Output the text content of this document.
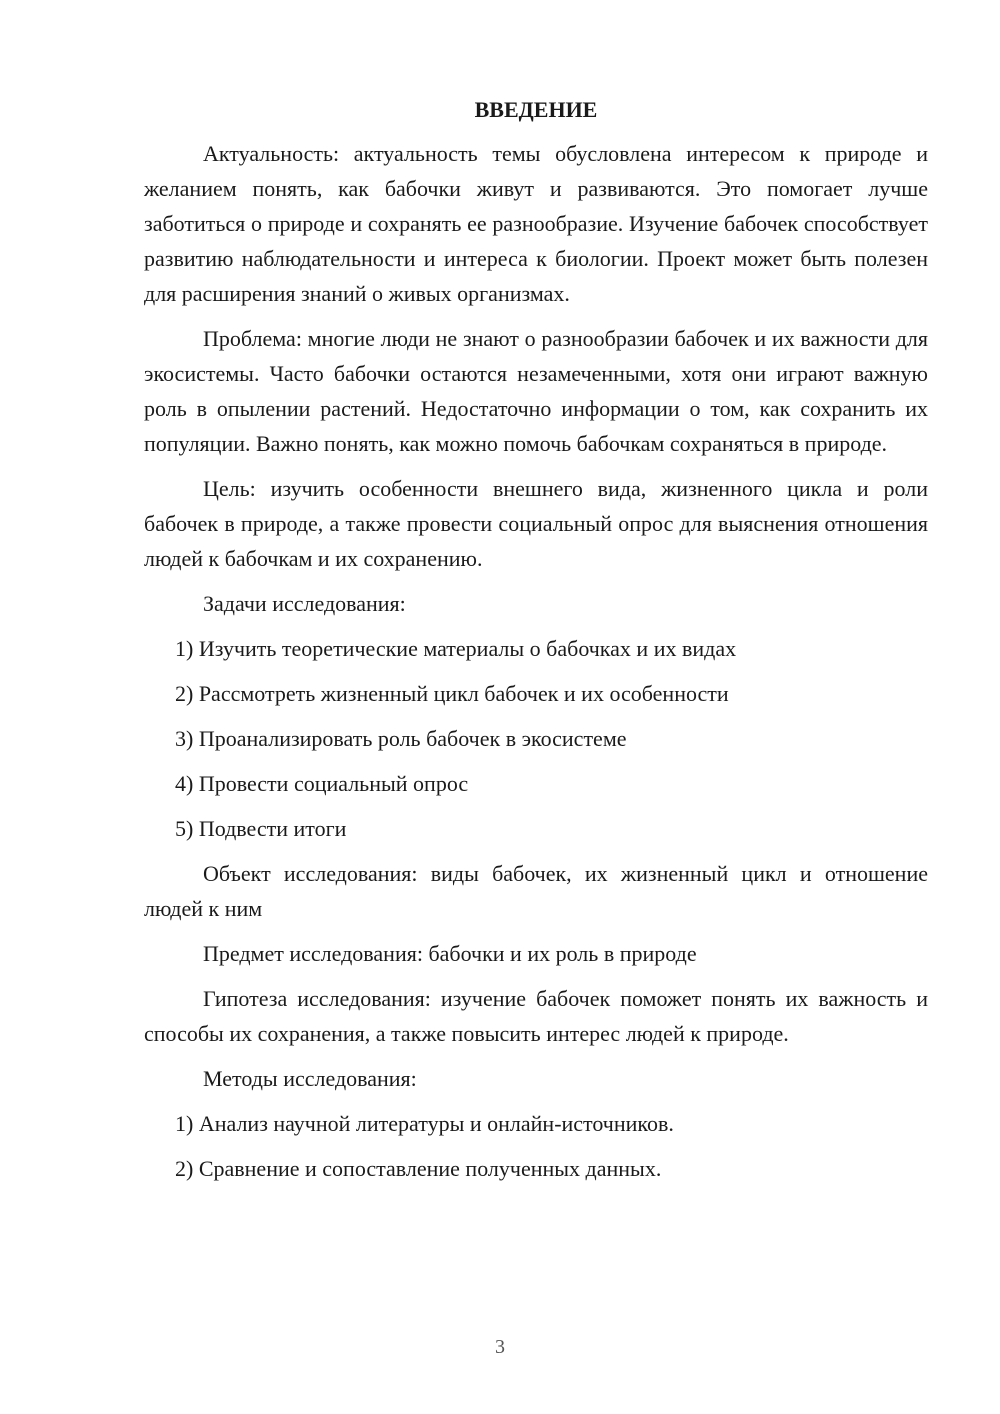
ВВЕДЕНИЕ

Актуальность: актуальность темы обусловлена интересом к природе и желанием понять, как бабочки живут и развиваются. Это помогает лучше заботиться о природе и сохранять ее разнообразие. Изучение бабочек способствует развитию наблюдательности и интереса к биологии. Проект может быть полезен для расширения знаний о живых организмах.

Проблема: многие люди не знают о разнообразии бабочек и их важности для экосистемы. Часто бабочки остаются незамеченными, хотя они играют важную роль в опылении растений. Недостаточно информации о том, как сохранить их популяции. Важно понять, как можно помочь бабочкам сохраняться в природе.

Цель: изучить особенности внешнего вида, жизненного цикла и роли бабочек в природе, а также провести социальный опрос для выяснения отношения людей к бабочкам и их сохранению.

Задачи исследования:

1) Изучить теоретические материалы о бабочках и их видах
2) Рассмотреть жизненный цикл бабочек и их особенности
3) Проанализировать роль бабочек в экосистеме
4) Провести социальный опрос
5) Подвести итоги

Объект исследования: виды бабочек, их жизненный цикл и отношение людей к ним

Предмет исследования: бабочки и их роль в природе

Гипотеза исследования: изучение бабочек поможет понять их важность и способы их сохранения, а также повысить интерес людей к природе.

Методы исследования:

1) Анализ научной литературы и онлайн-источников.
2) Сравнение и сопоставление полученных данных.
3
